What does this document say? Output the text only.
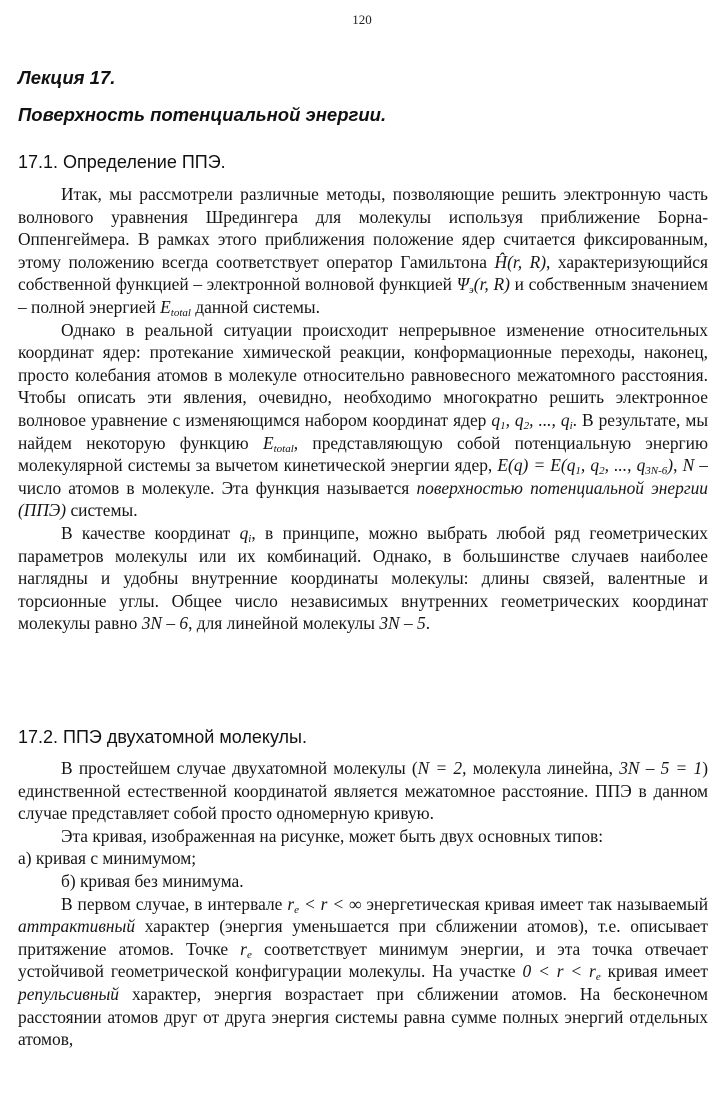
120
Лекция 17.
Поверхность потенциальной энергии.
17.1. Определение ППЭ.

Итак, мы рассмотрели различные методы, позволяющие решить электронную часть волнового уравнения Шредингера для молекулы используя приближение Борна-Оппенгеймера. В рамках этого приближения положение ядер считается фиксированным, этому положению всегда соответствует оператор Гамильтона Ĥ(r, R), характеризующийся собственной функцией – электронной волновой функцией $\Psi_э(r$, R) и собственным значением – полной энергией $E_{total}$ данной системы.

Однако в реальной ситуации происходит непрерывное изменение относительных координат ядер: протекание химической реакции, конформационные переходы, наконец, просто колебания атомов в молекуле относительно равновесного межатомного расстояния. Чтобы описать эти явления, очевидно, необходимо многократно решить электронное волновое уравнение с изменяющимся набором координат ядер $q_1$, $q_2$, ..., $q_i$. В результате, мы найдем некоторую функцию $E_{total}$, представляющую собой потенциальную энергию молекулярной системы за вычетом кинетической энергии ядер, $E(q) = E(q_1$, $q_2$, ..., $q_{3N-6}$), N – число атомов в молекуле. Эта функция называется поверхностью потенциальной энергии (ППЭ) системы.

В качестве координат $q_i$, в принципе, можно выбрать любой ряд геометрических параметров молекулы или их комбинаций. Однако, в большинстве случаев наиболее наглядны и удобны внутренние координаты молекулы: длины связей, валентные и торсионные углы. Общее число независимых внутренних геометрических координат молекулы равно 3N – 6, для линейной молекулы 3N – 5.

17.2. ППЭ двухатомной молекулы.

В простейшем случае двухатомной молекулы (N = 2, молекула линейна, 3N – 5 = 1) единственной естественной координатой является межатомное расстояние. ППЭ в данном случае представляет собой просто одномерную кривую.

Эта кривая, изображенная на рисунке, может быть двух основных типов:

а) кривая с минимумом;

б) кривая без минимума.

В первом случае, в интервале $r_e < r$ < ∞ энергетическая кривая имеет так называемый аттрактивный характер (энергия уменьшается при сближении атомов), т.е. описывает притяжение атомов. Точке $r_e$ соответствует минимум энергии, и эта точка отвечает устойчивой геометрической конфигурации молекулы. На участке $0 < r < r_e$ кривая имеет репульсивный характер, энергия возрастает при сближении атомов. На бесконечном расстоянии атомов друг от друга энергия системы равна сумме полных энергий отдельных атомов,
